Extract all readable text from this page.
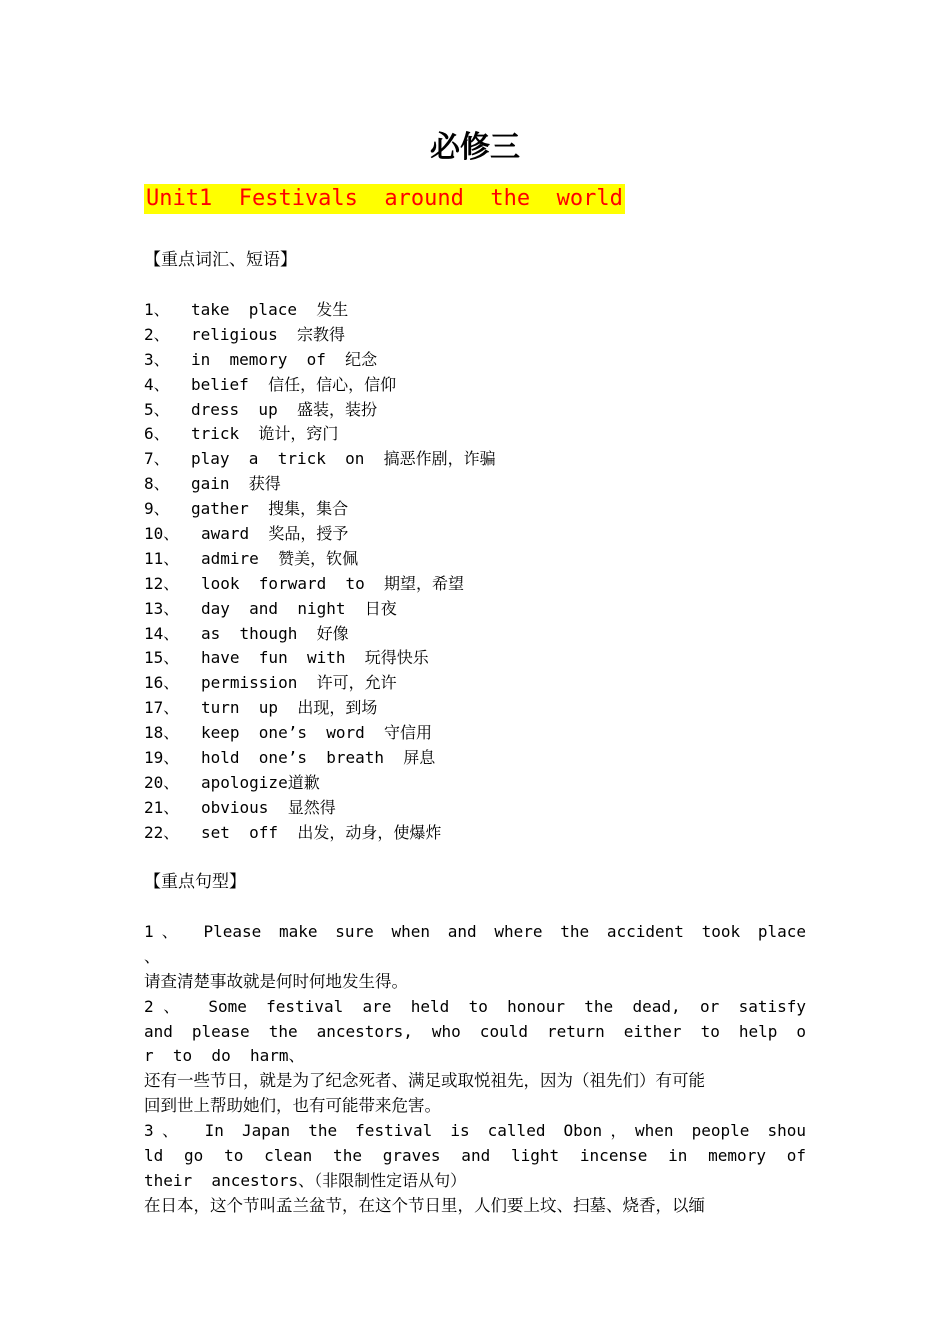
必修三
Unit1  Festivals  around  the  world
【重点词汇、短语】
1、 take  place  发生
2、 religious  宗教得
3、 in  memory  of  纪念
4、 belief  信任，信心，信仰
5、 dress  up  盛装，装扮
6、 trick  诡计，窍门
7、 play  a  trick  on  搞恶作剧，诈骗
8、 gain  获得
9、 gather  搜集，集合
10、 award  奖品，授予
11、 admire  赞美，钦佩
12、 look  forward  to  期望，希望
13、 day  and  night  日夜
14、 as  though  好像
15、 have  fun  with  玩得快乐
16、 permission  许可，允许
17、 turn  up  出现，到场
18、 keep  one’s  word  守信用
19、 hold  one’s  breath  屏息
20、 apologize道歉
21、 obvious  显然得
22、 set  off  出发，动身，使爆炸
【重点句型】
1、 Please make sure when and where the accident took place
、
请查清楚事故就是何时何地发生得。
2、 Some festival are held to honour the dead, or satisfy
and please the ancestors, who could return either to help o
r  to  do  harm、
还有一些节日，就是为了纪念死者、满足或取悦祖先，因为（祖先们）有可能
回到世上帮助她们，也有可能带来危害。
3、 In Japan the festival is called Obon，when people shou
ld go to clean the graves and light incense in memory of
their  ancestors、（非限制性定语从句）
在日本，这个节叫孟兰盆节，在这个节日里，人们要上坟、扫墓、烧香，以缅
